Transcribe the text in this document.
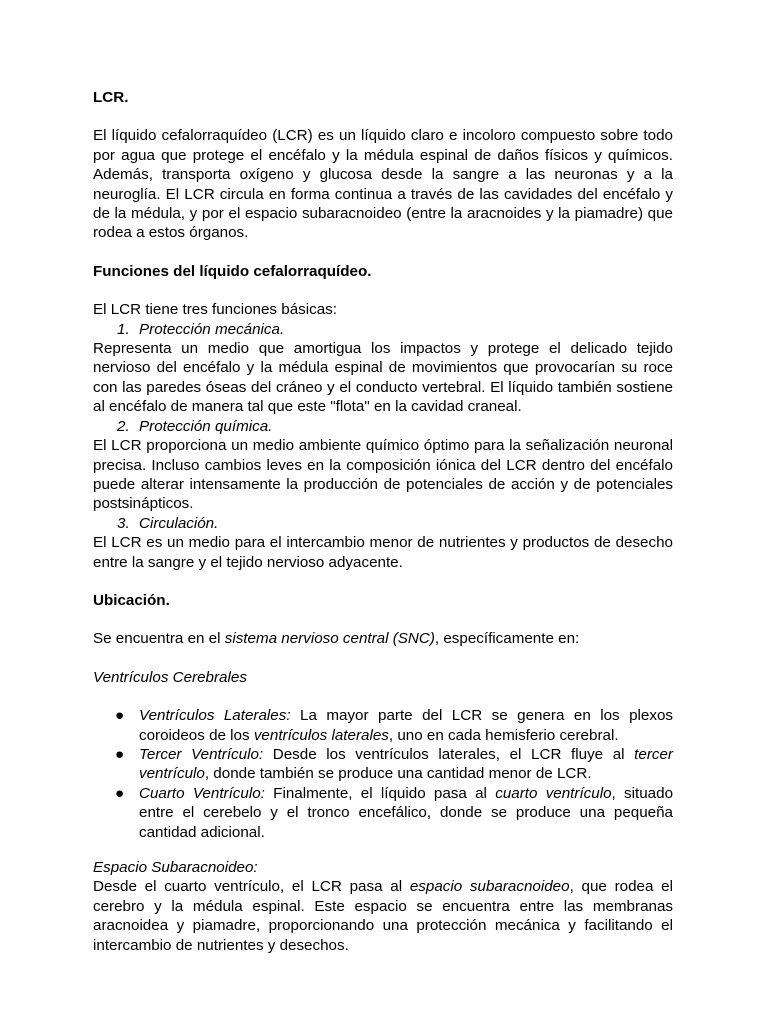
LCR.

El líquido cefalorraquídeo (LCR) es un líquido claro e incoloro compuesto sobre todo por agua que protege el encéfalo y la médula espinal de daños físicos y químicos. Además, transporta oxígeno y glucosa desde la sangre a las neuronas y a la neuroglía. El LCR circula en forma continua a través de las cavidades del encéfalo y de la médula, y por el espacio subaracnoideo (entre la aracnoides y la piamadre) que rodea a estos órganos.

Funciones del líquido cefalorraquídeo.

El LCR tiene tres funciones básicas:

1. Protección mecánica.

Representa un medio que amortigua los impactos y protege el delicado tejido nervioso del encéfalo y la médula espinal de movimientos que provocarían su roce con las paredes óseas del cráneo y el conducto vertebral. El líquido también sostiene al encéfalo de manera tal que este "flota" en la cavidad craneal.

2. Protección química.

El LCR proporciona un medio ambiente químico óptimo para la señalización neuronal precisa. Incluso cambios leves en la composición iónica del LCR dentro del encéfalo puede alterar intensamente la producción de potenciales de acción y de potenciales postsinápticos.

3. Circulación.

El LCR es un medio para el intercambio menor de nutrientes y productos de desecho entre la sangre y el tejido nervioso adyacente.

Ubicación.

Se encuentra en el sistema nervioso central (SNC), específicamente en:

Ventrículos Cerebrales

● Ventrículos Laterales: La mayor parte del LCR se genera en los plexos coroideos de los ventrículos laterales, uno en cada hemisferio cerebral.
● Tercer Ventrículo: Desde los ventrículos laterales, el LCR fluye al tercer ventrículo, donde también se produce una cantidad menor de LCR.
● Cuarto Ventrículo: Finalmente, el líquido pasa al cuarto ventrículo, situado entre el cerebelo y el tronco encefálico, donde se produce una pequeña cantidad adicional.

Espacio Subaracnoideo:

Desde el cuarto ventrículo, el LCR pasa al espacio subaracnoideo, que rodea el cerebro y la médula espinal. Este espacio se encuentra entre las membranas aracnoidea y piamadre, proporcionando una protección mecánica y facilitando el intercambio de nutrientes y desechos.
